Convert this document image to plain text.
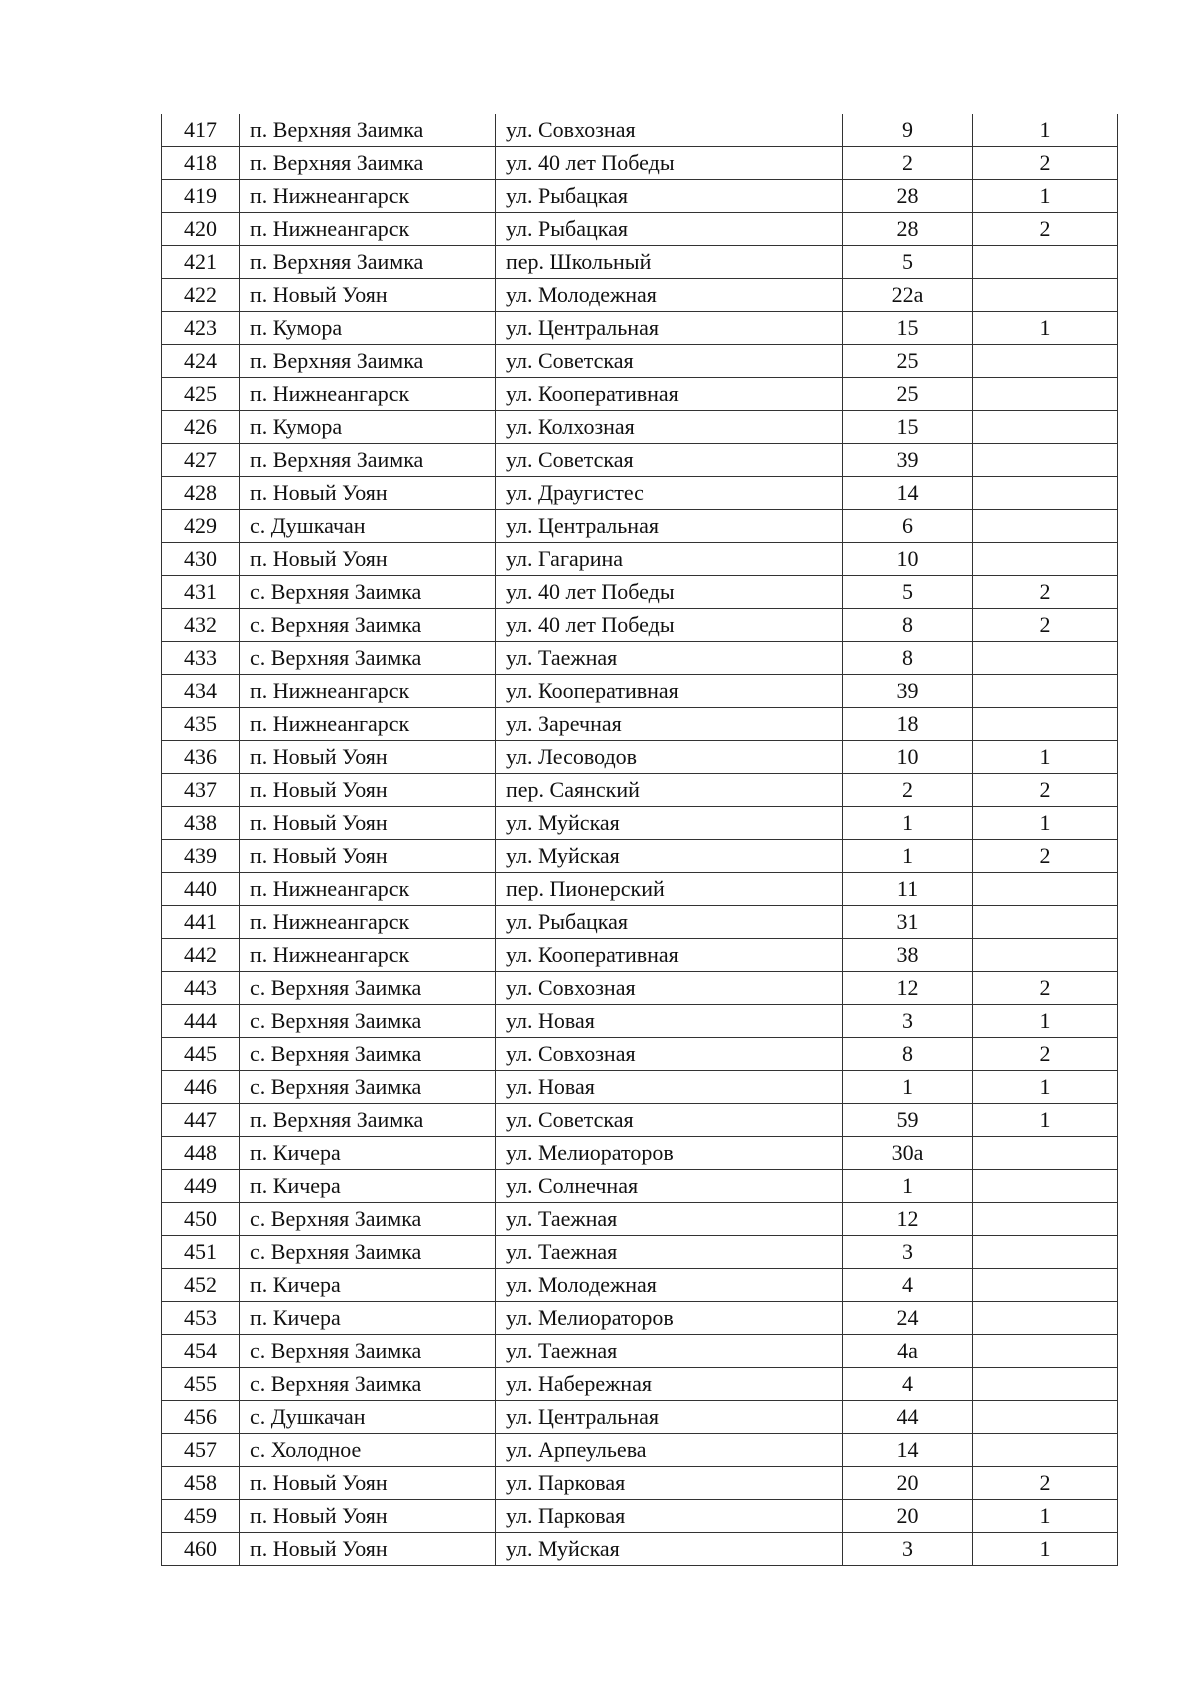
417	п. Верхняя Заимка	ул. Совхозная	9	1
418	п. Верхняя Заимка	ул. 40 лет Победы	2	2
419	п. Нижнеангарск	ул. Рыбацкая	28	1
420	п. Нижнеангарск	ул. Рыбацкая	28	2
421	п. Верхняя Заимка	пер. Школьный	5	
422	п. Новый Уоян	ул. Молодежная	22а	
423	п. Кумора	ул. Центральная	15	1
424	п. Верхняя Заимка	ул. Советская	25	
425	п. Нижнеангарск	ул. Кооперативная	25	
426	п. Кумора	ул. Колхозная	15	
427	п. Верхняя Заимка	ул. Советская	39	
428	п. Новый Уоян	ул. Драугистес	14	
429	с. Душкачан	ул. Центральная	6	
430	п. Новый Уоян	ул. Гагарина	10	
431	с. Верхняя Заимка	ул. 40 лет Победы	5	2
432	с. Верхняя Заимка	ул. 40 лет Победы	8	2
433	с. Верхняя Заимка	ул. Таежная	8	
434	п. Нижнеангарск	ул. Кооперативная	39	
435	п. Нижнеангарск	ул. Заречная	18	
436	п. Новый Уоян	ул. Лесоводов	10	1
437	п. Новый Уоян	пер. Саянский	2	2
438	п. Новый Уоян	ул. Муйская	1	1
439	п. Новый Уоян	ул. Муйская	1	2
440	п. Нижнеангарск	пер. Пионерский	11	
441	п. Нижнеангарск	ул. Рыбацкая	31	
442	п. Нижнеангарск	ул. Кооперативная	38	
443	с. Верхняя Заимка	ул. Совхозная	12	2
444	с. Верхняя Заимка	ул. Новая	3	1
445	с. Верхняя Заимка	ул. Совхозная	8	2
446	с. Верхняя Заимка	ул. Новая	1	1
447	п. Верхняя Заимка	ул. Советская	59	1
448	п. Кичера	ул. Мелиораторов	30а	
449	п. Кичера	ул. Солнечная	1	
450	с. Верхняя Заимка	ул. Таежная	12	
451	с. Верхняя Заимка	ул. Таежная	3	
452	п. Кичера	ул. Молодежная	4	
453	п. Кичера	ул. Мелиораторов	24	
454	с. Верхняя Заимка	ул. Таежная	4а	
455	с. Верхняя Заимка	ул. Набережная	4	
456	с. Душкачан	ул. Центральная	44	
457	с. Холодное	ул. Арпеульева	14	
458	п. Новый Уоян	ул. Парковая	20	2
459	п. Новый Уоян	ул. Парковая	20	1
460	п. Новый Уоян	ул. Муйская	3	1
